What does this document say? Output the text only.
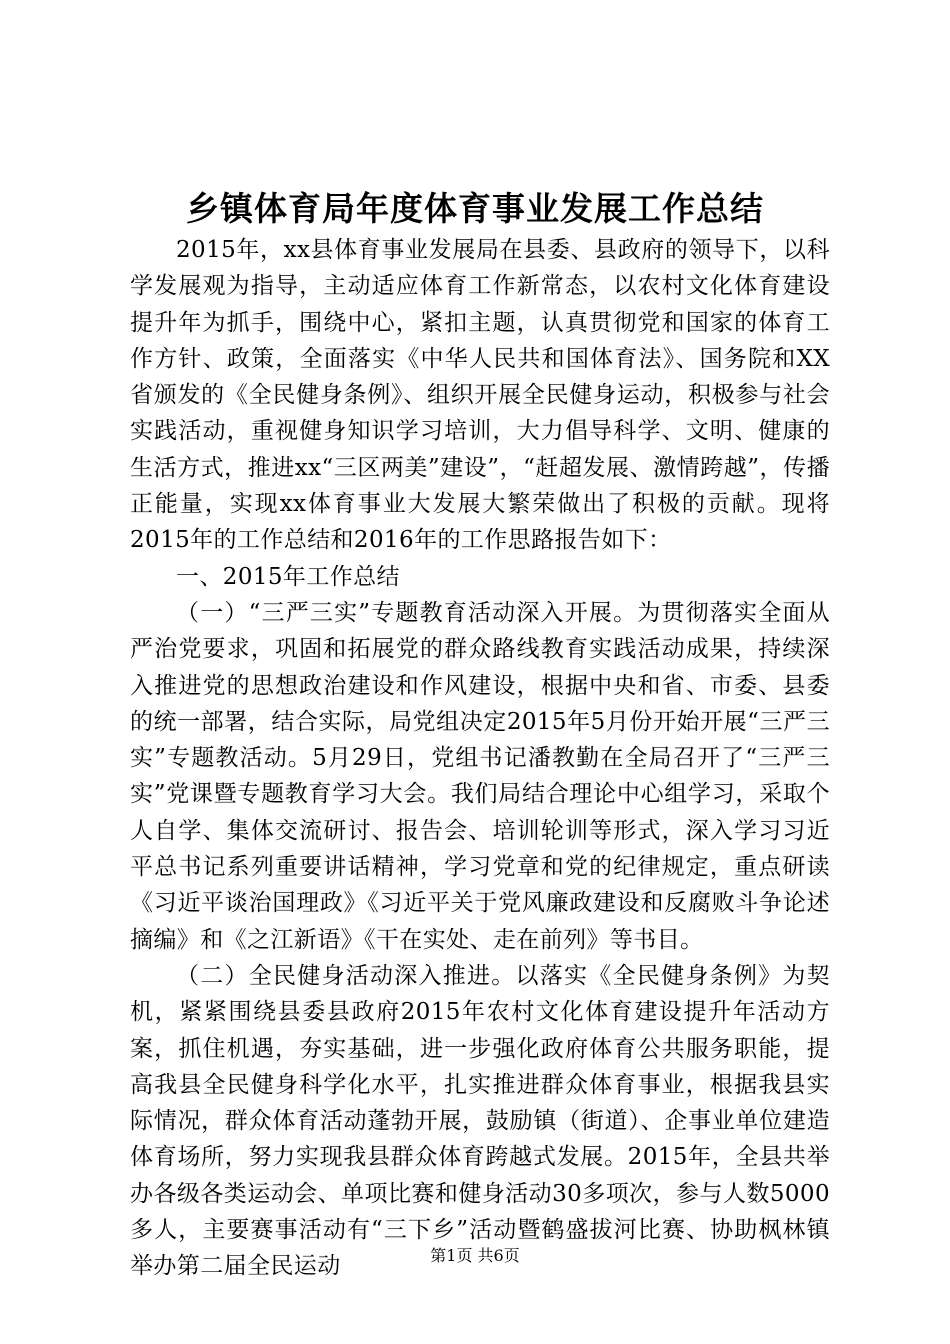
乡镇体育局年度体育事业发展工作总结

2015年，xx县体育事业发展局在县委、县政府的领导下，以科学发展观为指导，主动适应体育工作新常态，以农村文化体育建设提升年为抓手，围绕中心，紧扣主题，认真贯彻党和国家的体育工作方针、政策，全面落实《中华人民共和国体育法》、国务院和XX省颁发的《全民健身条例》、组织开展全民健身运动，积极参与社会实践活动，重视健身知识学习培训，大力倡导科学、文明、健康的生活方式，推进xx“三区两美”建设”，“赶超发展、激情跨越”，传播正能量，实现xx体育事业大发展大繁荣做出了积极的贡献。现将2015年的工作总结和2016年的工作思路报告如下：

一、2015年工作总结

（一）“三严三实”专题教育活动深入开展。为贯彻落实全面从严治党要求，巩固和拓展党的群众路线教育实践活动成果，持续深入推进党的思想政治建设和作风建设，根据中央和省、市委、县委的统一部署，结合实际，局党组决定2015年5月份开始开展“三严三实”专题教活动。5月29日，党组书记潘教勤在全局召开了“三严三实”党课暨专题教育学习大会。我们局结合理论中心组学习，采取个人自学、集体交流研讨、报告会、培训轮训等形式，深入学习习近平总书记系列重要讲话精神，学习党章和党的纪律规定，重点研读《习近平谈治国理政》《习近平关于党风廉政建设和反腐败斗争论述摘编》和《之江新语》《干在实处、走在前列》等书目。

（二）全民健身活动深入推进。以落实《全民健身条例》为契机，紧紧围绕县委县政府2015年农村文化体育建设提升年活动方案，抓住机遇，夯实基础，进一步强化政府体育公共服务职能，提高我县全民健身科学化水平，扎实推进群众体育事业，根据我县实际情况，群众体育活动蓬勃开展，鼓励镇（街道）、企事业单位建造体育场所，努力实现我县群众体育跨越式发展。2015年，全县共举办各级各类运动会、单项比赛和健身活动30多项次，参与人数5000多人，主要赛事活动有“三下乡”活动暨鹤盛拔河比赛、协助枫林镇举办第二届全民运动	第1页 共6页
